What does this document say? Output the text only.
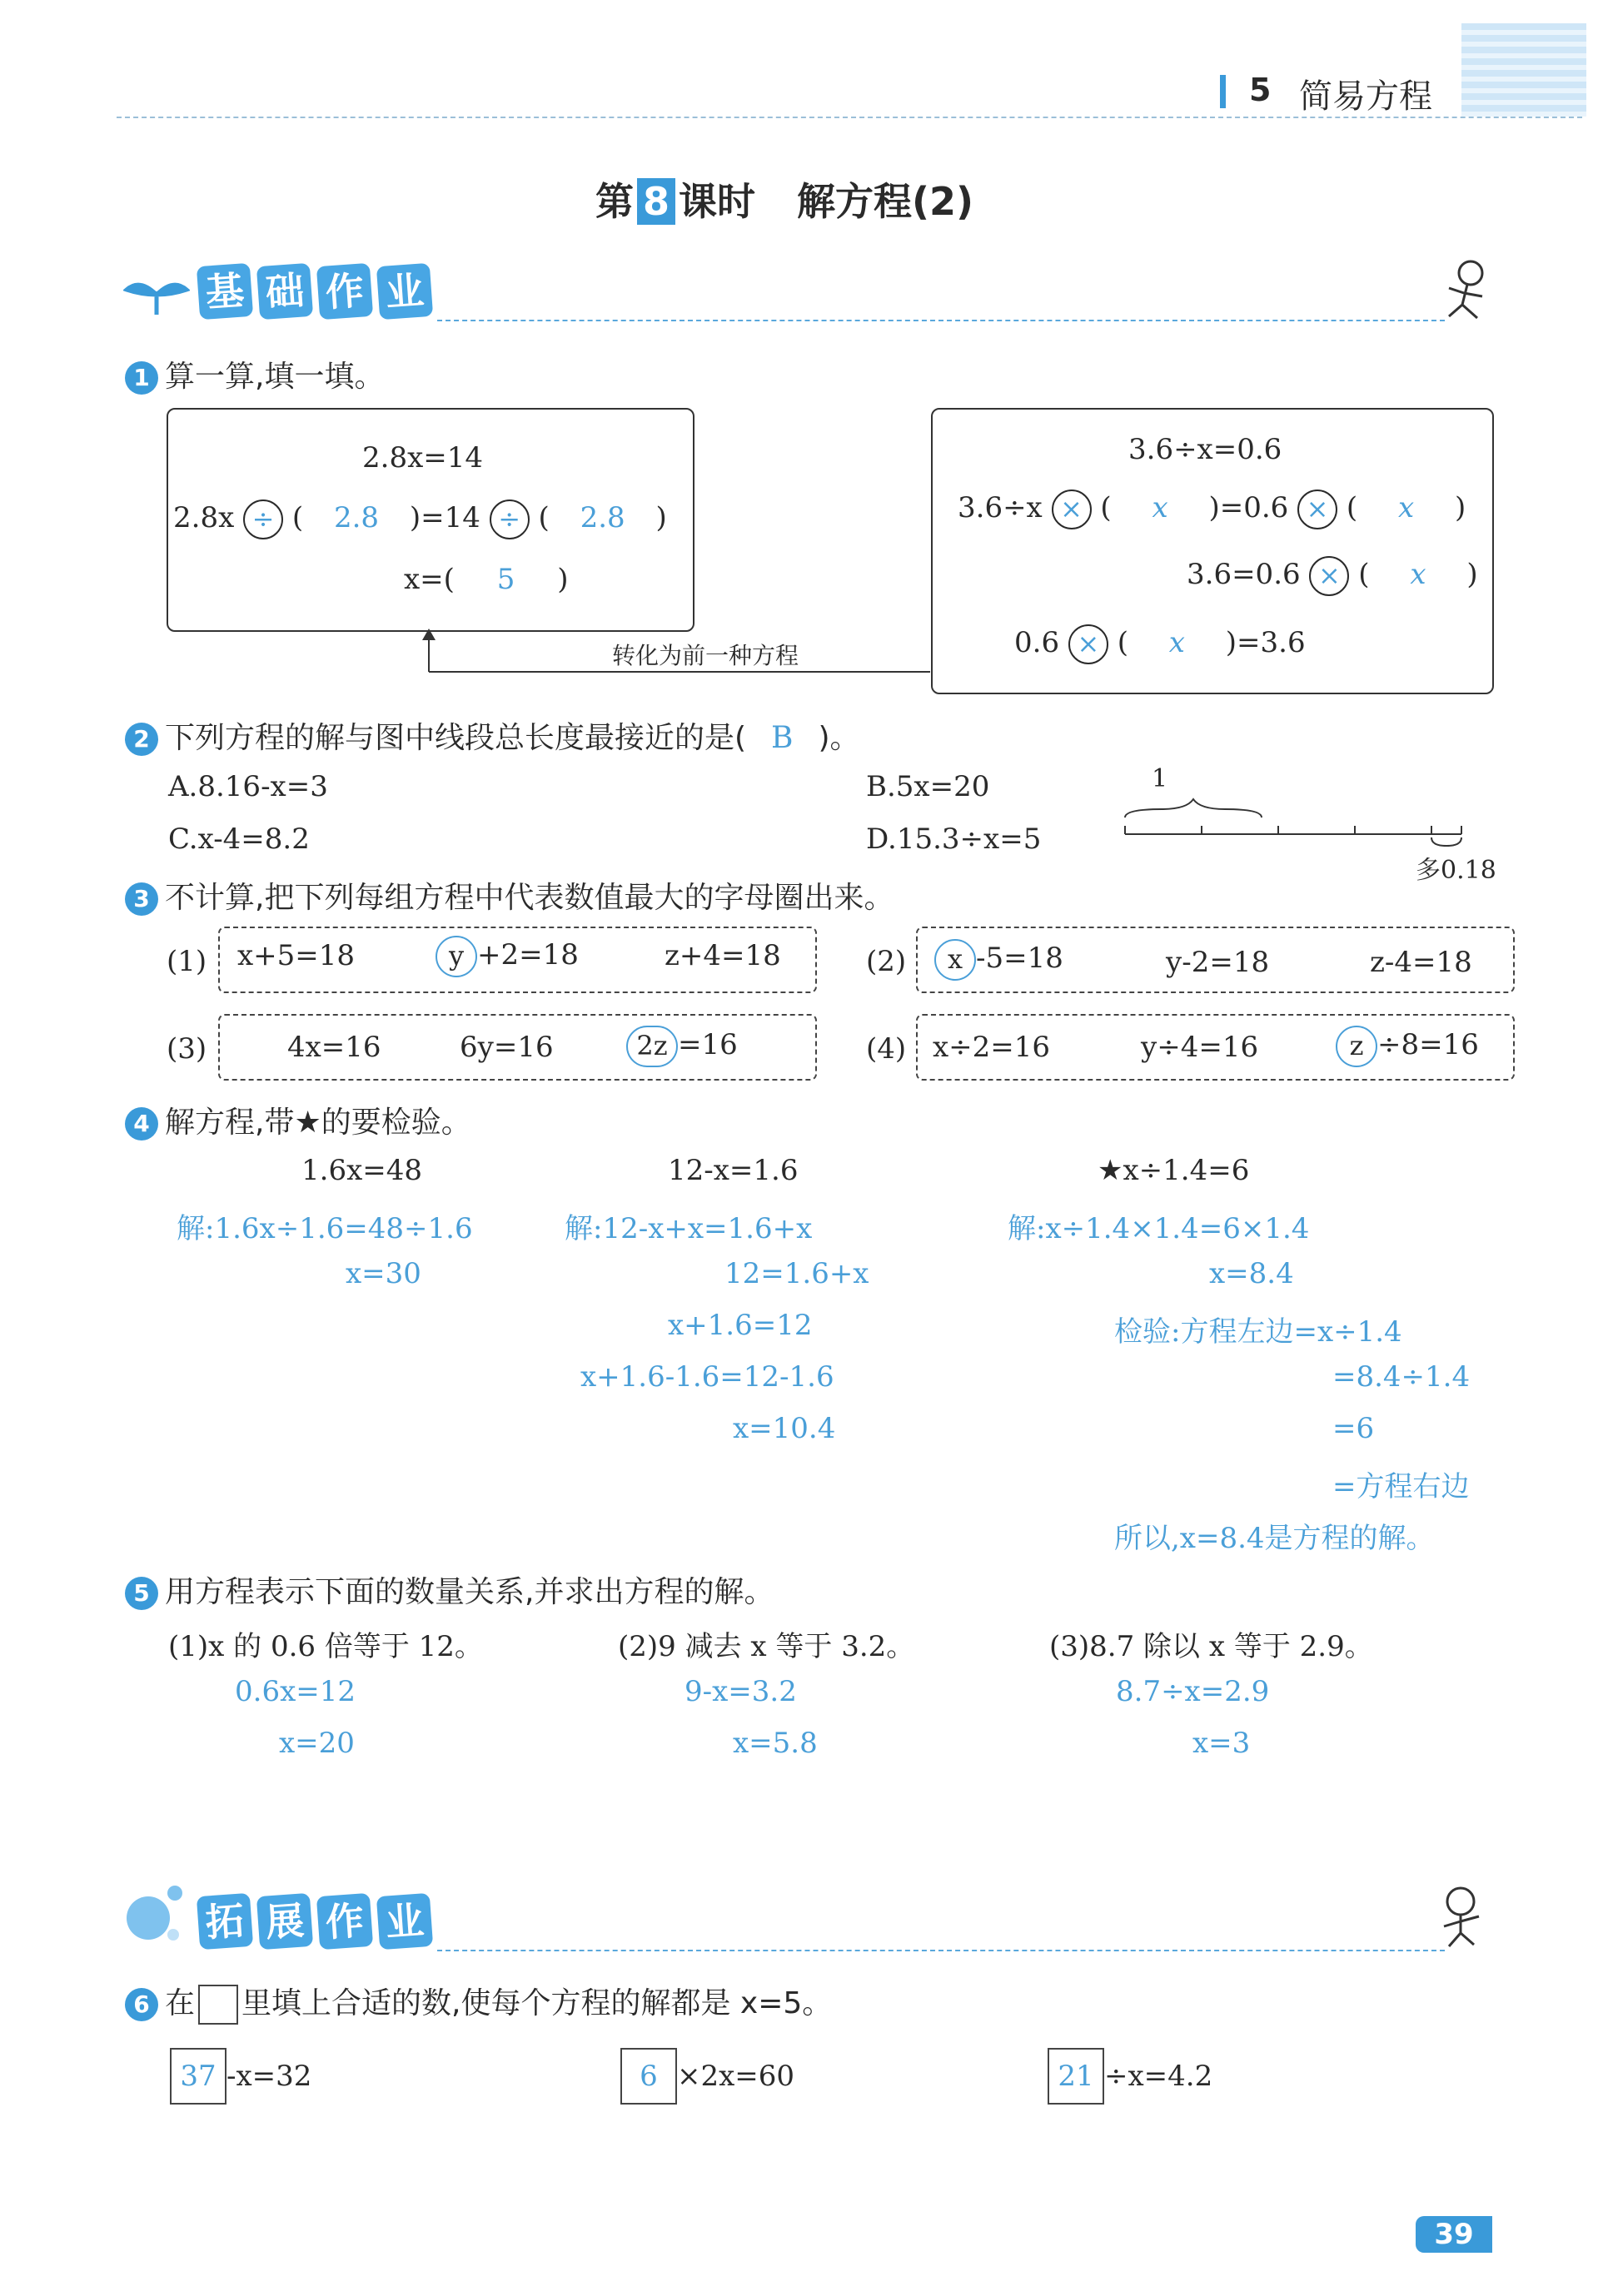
5 简易方程
第 8 课时 解方程(2)
基 础 作 业
1 算一算,填一填。
2.8x=14
2.8x ÷ ( 2.8 )=14 ÷ ( 2.8 )
x=( 5 )
3.6÷x=0.6
3.6÷x × ( x )=0.6 × ( x )
3.6=0.6 × ( x )
0.6 × ( x )=3.6
转化为前一种方程
2 下列方程的解与图中线段总长度最接近的是( B )。
A.8.16-x=3	B.5x=20
C.x-4=8.2	D.15.3÷x=5
1
多0.18
3 不计算,把下列每组方程中代表数值最大的字母圈出来。
(1) x+5=18	y +2=18	z+4=18	(2)	x -5=18	y-2=18	z-4=18
(3)	4x=16	6y=16	2z =16	(4) x÷2=16	y÷4=16	z ÷8=16
4 解方程,带★的要检验。
1.6x=48
解:1.6x÷1.6=48÷1.6
x=30
12-x=1.6
解:12-x+x=1.6+x
12=1.6+x
x+1.6=12
x+1.6-1.6=12-1.6
x=10.4
★x÷1.4=6
解:x÷1.4×1.4=6×1.4
x=8.4
检验:方程左边=x÷1.4
=8.4÷1.4
=6
=方程右边
所以,x=8.4是方程的解。
5 用方程表示下面的数量关系,并求出方程的解。
(1)x 的 0.6 倍等于 12。
0.6x=12
x=20
(2)9 减去 x 等于 3.2。
9-x=3.2
x=5.8
(3)8.7 除以 x 等于 2.9。
8.7÷x=2.9
x=3
拓 展 作 业
6 在 里填上合适的数,使每个方程的解都是 x=5。
37 -x=32	6 ×2x=60	21 ÷x=4.2
39
